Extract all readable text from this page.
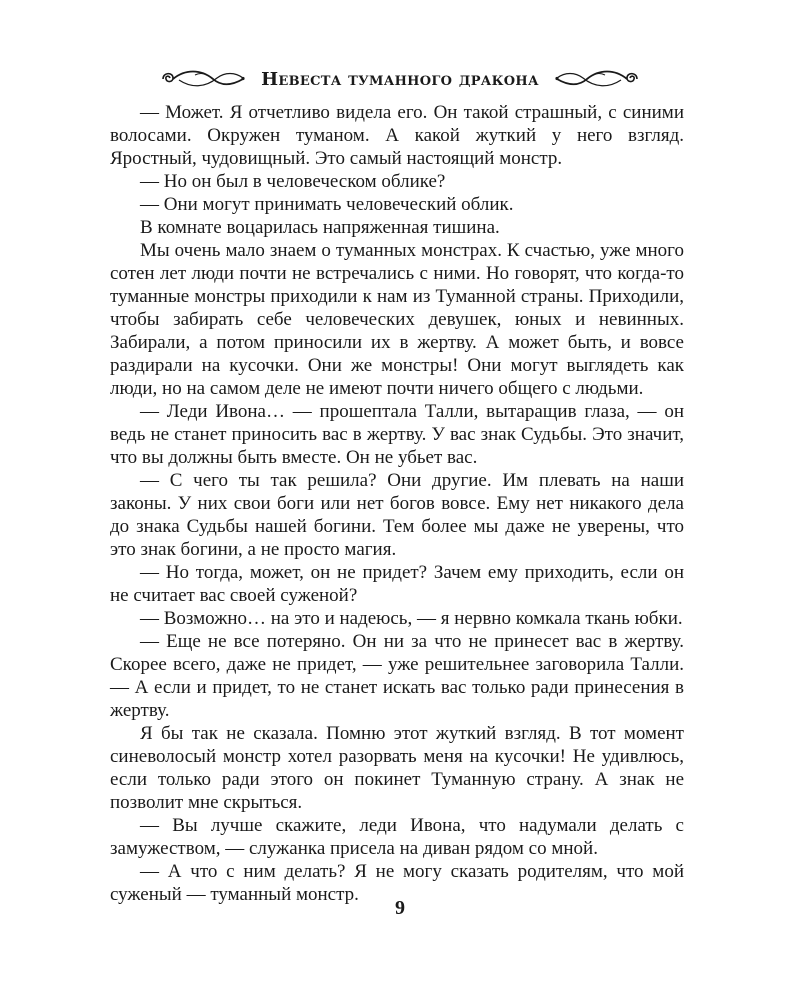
Невеста туманного дракона

— Может. Я отчетливо видела его. Он такой страшный, с синими волосами. Окружен туманом. А какой жуткий у него взгляд. Яростный, чудовищный. Это самый настоящий монстр.

— Но он был в человеческом облике?

— Они могут принимать человеческий облик.

В комнате воцарилась напряженная тишина.

Мы очень мало знаем о туманных монстрах. К счастью, уже много сотен лет люди почти не встречались с ними. Но говорят, что когда-то туманные монстры приходили к нам из Туманной страны. Приходили, чтобы забирать себе человеческих девушек, юных и невинных. Забирали, а потом приносили их в жертву. А может быть, и вовсе раздирали на кусочки. Они же монстры! Они могут выглядеть как люди, но на самом деле не имеют почти ничего общего с людьми.

— Леди Ивона… — прошептала Талли, вытаращив глаза, — он ведь не станет приносить вас в жертву. У вас знак Судьбы. Это значит, что вы должны быть вместе. Он не убьет вас.

— С чего ты так решила? Они другие. Им плевать на наши законы. У них свои боги или нет богов вовсе. Ему нет никакого дела до знака Судьбы нашей богини. Тем более мы даже не уверены, что это знак богини, а не просто магия.

— Но тогда, может, он не придет? Зачем ему приходить, если он не считает вас своей суженой?

— Возможно… на это и надеюсь, — я нервно комкала ткань юбки.

— Еще не все потеряно. Он ни за что не принесет вас в жертву. Скорее всего, даже не придет, — уже решительнее заговорила Талли. — А если и придет, то не станет искать вас только ради принесения в жертву.

Я бы так не сказала. Помню этот жуткий взгляд. В тот момент синеволосый монстр хотел разорвать меня на кусочки! Не удивлюсь, если только ради этого он покинет Туманную страну. А знак не позволит мне скрыться.

— Вы лучше скажите, леди Ивона, что надумали делать с замужеством, — служанка присела на диван рядом со мной.

— А что с ним делать? Я не могу сказать родителям, что мой суженый — туманный монстр.

9
